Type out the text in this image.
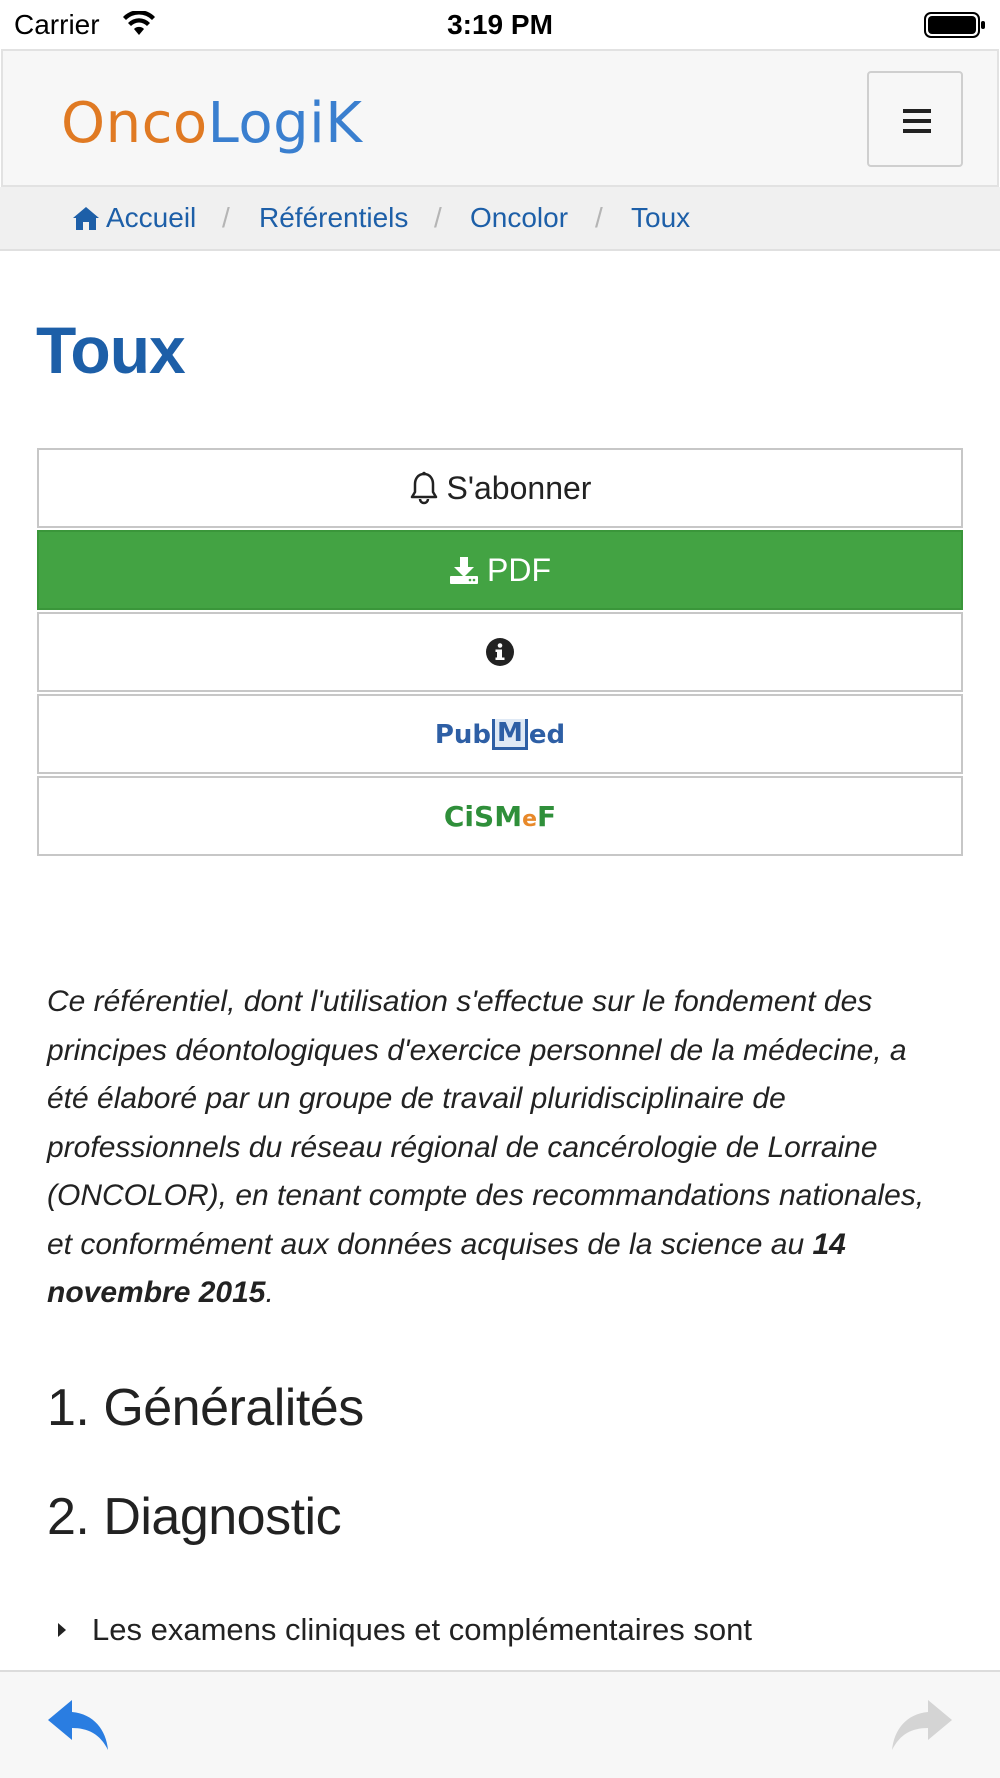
Carrier	3:19 PM
OncoLogiK
Accueil / Référentiels / Oncolor / Toux
Toux
S'abonner
PDF
Pub M ed
CiSMeF

Ce référentiel, dont l'utilisation s'effectue sur le fondement des principes déontologiques d'exercice personnel de la médecine, a été élaboré par un groupe de travail pluridisciplinaire de professionnels du réseau régional de cancérologie de Lorraine (ONCOLOR), en tenant compte des recommandations nationales, et conformément aux données acquises de la science au 14 novembre 2015.

1. Généralités
2. Diagnostic
Les examens cliniques et complémentaires sont
